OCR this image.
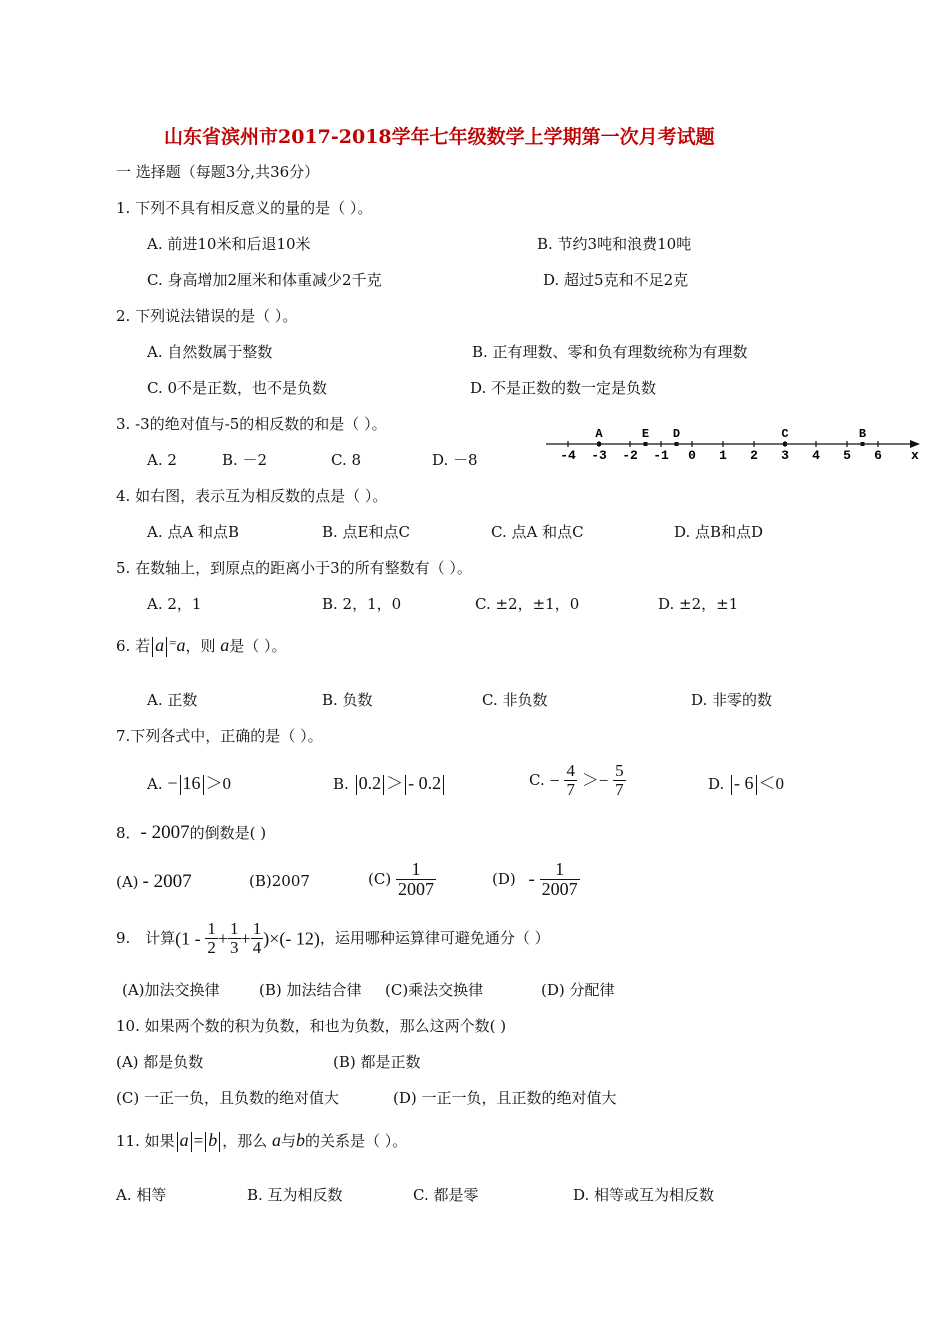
山东省滨州市2017-2018学年七年级数学上学期第一次月考试题
一 选择题（每题3分,共36分）
1. 下列不具有相反意义的量的是（ ）。
A. 前进10米和后退10米	B. 节约3吨和浪费10吨
C. 身高增加2厘米和体重减少2千克	D. 超过5克和不足2克
2. 下列说法错误的是（ ）。
A. 自然数属于整数	B. 正有理数、零和负有理数统称为有理数
C. 0不是正数，也不是负数	D. 不是正数的数一定是负数
3. -3的绝对值与-5的相反数的和是（ ）。
A. 2	B. －2	C. 8	D. －8	x
-4 -3 -2 -1 0 1 2 3 4 5 6
A	E D	C	B
4. 如右图，表示互为相反数的点是（ ）。
A. 点A 和点B	B. 点E和点C	C. 点A 和点C	D. 点B和点D
5. 在数轴上，到原点的距离小于3的所有整数有（ ）。
A. 2，1	B. 2，1，0	C. ±2，±1，0	D. ±2，±1
6. 若 a =a，则 a是（ ）。
A. 正数	B. 负数	C. 非负数	D. 非零的数
7.下列各式中，正确的是（ ）。
A. − 16 ＞0	B. 0.2 ＞ - 0.2	C. − $\frac{4}{7} >- \frac{5}{7}$	D. - 6 ＜0
8．- 2007的倒数是( )
(A) - 2007	(B)2007	$(C) \frac{1}{2007}$	$(D) - \frac{1}{2007}$
9. 计算($1 - \frac{1}{2} + \frac{1}{3} + \frac{1}{4}$ )×(- 12)，运用哪种运算律可避免通分（ ）
(A)加法交换律	(B) 加法结合律 (C)乘法交换律	(D) 分配律
10. 如果两个数的积为负数，和也为负数，那么这两个数( )
(A) 都是负数	(B) 都是正数
(C) 一正一负，且负数的绝对值大	(D) 一正一负，且正数的绝对值大
11. 如果 a = b ，那么 a与b的关系是（ ）。
A. 相等	B. 互为相反数	C. 都是零	D. 相等或互为相反数
